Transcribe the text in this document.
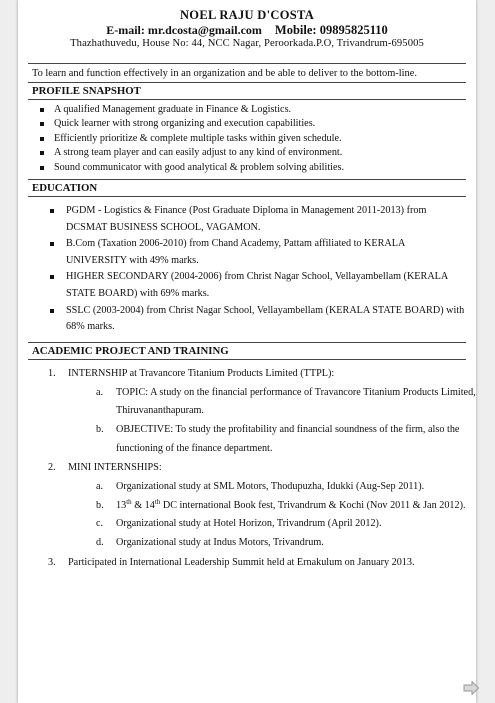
NOEL RAJU D'COSTA
E-mail: mr.dcosta@gmail.com Mobile: 09895825110
Thazhathuvedu, House No: 44, NCC Nagar, Peroorkada.P.O, Trivandrum-695005
To learn and function effectively in an organization and be able to deliver to the bottom-line.
PROFILE SNAPSHOT
A qualified Management graduate in Finance & Logistics.
Quick learner with strong organizing and execution capabilities.
Efficiently prioritize & complete multiple tasks within given schedule.
A strong team player and can easily adjust to any kind of environment.
Sound communicator with good analytical & problem solving abilities.
EDUCATION
PGDM - Logistics & Finance (Post Graduate Diploma in Management 2011-2013) from DCSMAT BUSINESS SCHOOL, VAGAMON.
B.Com (Taxation 2006-2010) from Chand Academy, Pattam affiliated to KERALA UNIVERSITY with 49% marks.
HIGHER SECONDARY (2004-2006) from Christ Nagar School, Vellayambellam (KERALA STATE BOARD) with 69% marks.
SSLC (2003-2004) from Christ Nagar School, Vellayambellam (KERALA STATE BOARD) with 68% marks.
ACADEMIC PROJECT AND TRAINING
1. INTERNSHIP at Travancore Titanium Products Limited (TTPL):
a. TOPIC: A study on the financial performance of Travancore Titanium Products Limited, Thiruvananthapuram.
b. OBJECTIVE: To study the profitability and financial soundness of the firm, also the functioning of the finance department.
2. MINI INTERNSHIPS:
a. Organizational study at SML Motors, Thodupuzha, Idukki (Aug-Sep 2011).
b. 13th & 14th DC international Book fest, Trivandrum & Kochi (Nov 2011 & Jan 2012).
c. Organizational study at Hotel Horizon, Trivandrum (April 2012).
d. Organizational study at Indus Motors, Trivandrum.
3. Participated in International Leadership Summit held at Ernakulum on January 2013.
